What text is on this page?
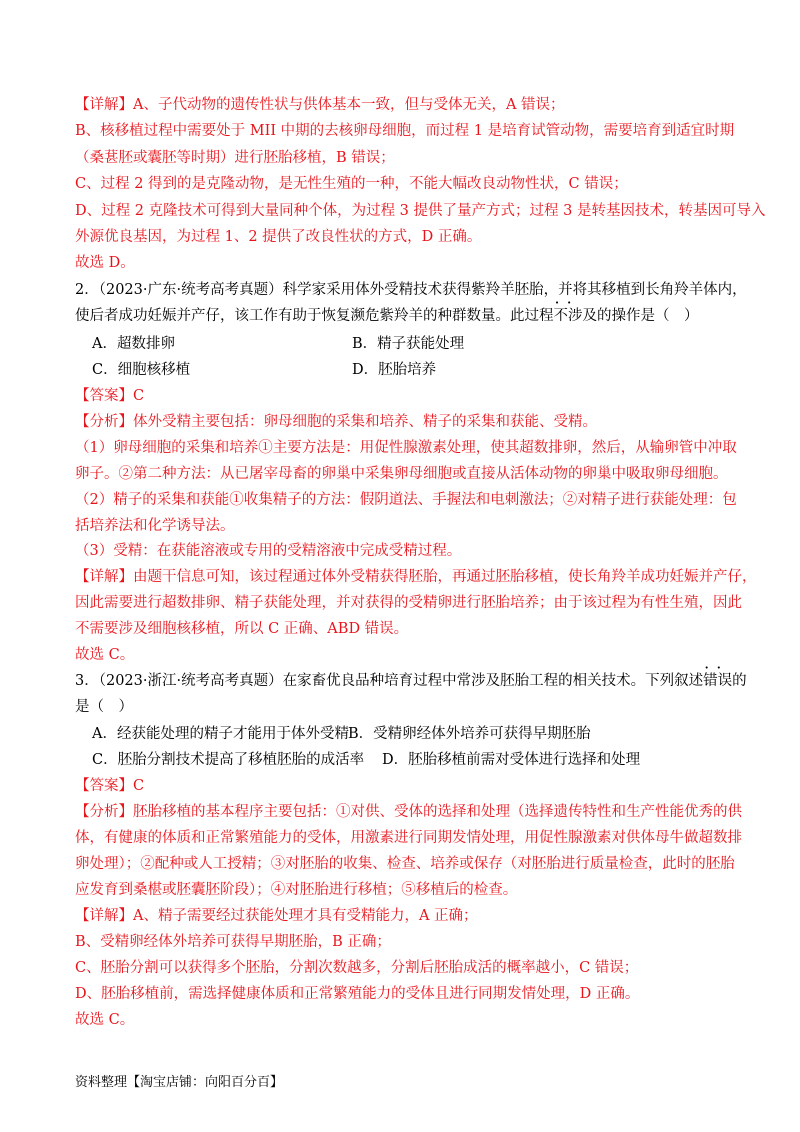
【详解】A、子代动物的遗传性状与供体基本一致，但与受体无关，A 错误；
B、核移植过程中需要处于 MII 中期的去核卵母细胞，而过程 1 是培育试管动物，需要培育到适宜时期
（桑葚胚或囊胚等时期）进行胚胎移植，B 错误；
C、过程 2 得到的是克隆动物，是无性生殖的一种，不能大幅改良动物性状，C 错误；
D、过程 2 克隆技术可得到大量同种个体，为过程 3 提供了量产方式；过程 3 是转基因技术，转基因可导入
外源优良基因，为过程 1、2 提供了改良性状的方式，D 正确。
故选 D。
2．（2023·广东·统考高考真题）科学家采用体外受精技术获得紫羚羊胚胎，并将其移植到长角羚羊体内，
使后者成功妊娠并产仔，该工作有助于恢复濒危紫羚羊的种群数量。此过程· · 不涉及的操作是（　）
A．超数排卵	B．精子获能处理
C．细胞核移植	D．胚胎培养
【答案】C
【分析】体外受精主要包括：卵母细胞的采集和培养、精子的采集和获能、受精。
（1）卵母细胞的采集和培养①主要方法是：用促性腺激素处理，使其超数排卵，然后，从输卵管中冲取
卵子。②第二种方法：从已屠宰母畜的卵巢中采集卵母细胞或直接从活体动物的卵巢中吸取卵母细胞。
（2）精子的采集和获能①收集精子的方法：假阴道法、手握法和电刺激法；②对精子进行获能处理：包
括培养法和化学诱导法。
（3）受精：在获能溶液或专用的受精溶液中完成受精过程。
【详解】由题干信息可知，该过程通过体外受精获得胚胎，再通过胚胎移植，使长角羚羊成功妊娠并产仔，
因此需要进行超数排卵、精子获能处理，并对获得的受精卵进行胚胎培养；由于该过程为有性生殖，因此
不需要涉及细胞核移植，所以 C 正确、ABD 错误。
故选 C。
3．（2023·浙江·统考高考真题）在家畜优良品种培育过程中常涉及胚胎工程的相关技术。下列叙述· · 错误的
是（　）
A．经获能处理的精子才能用于体外受精 B．受精卵经体外培养可获得早期胚胎
C．胚胎分割技术提高了移植胚胎的成活率 D．胚胎移植前需对受体进行选择和处理
【答案】C
【分析】胚胎移植的基本程序主要包括：①对供、受体的选择和处理（选择遗传特性和生产性能优秀的供
体，有健康的体质和正常繁殖能力的受体，用激素进行同期发情处理，用促性腺激素对供体母牛做超数排
卵处理）；②配种或人工授精；③对胚胎的收集、检查、培养或保存（对胚胎进行质量检查，此时的胚胎
应发育到桑椹或胚囊胚阶段）；④对胚胎进行移植；⑤移植后的检查。
【详解】A、精子需要经过获能处理才具有受精能力，A 正确；
B、受精卵经体外培养可获得早期胚胎，B 正确；
C、胚胎分割可以获得多个胚胎，分割次数越多，分割后胚胎成活的概率越小，C 错误；
D、胚胎移植前，需选择健康体质和正常繁殖能力的受体且进行同期发情处理，D 正确。
故选 C。
资料整理【淘宝店铺：向阳百分百】
